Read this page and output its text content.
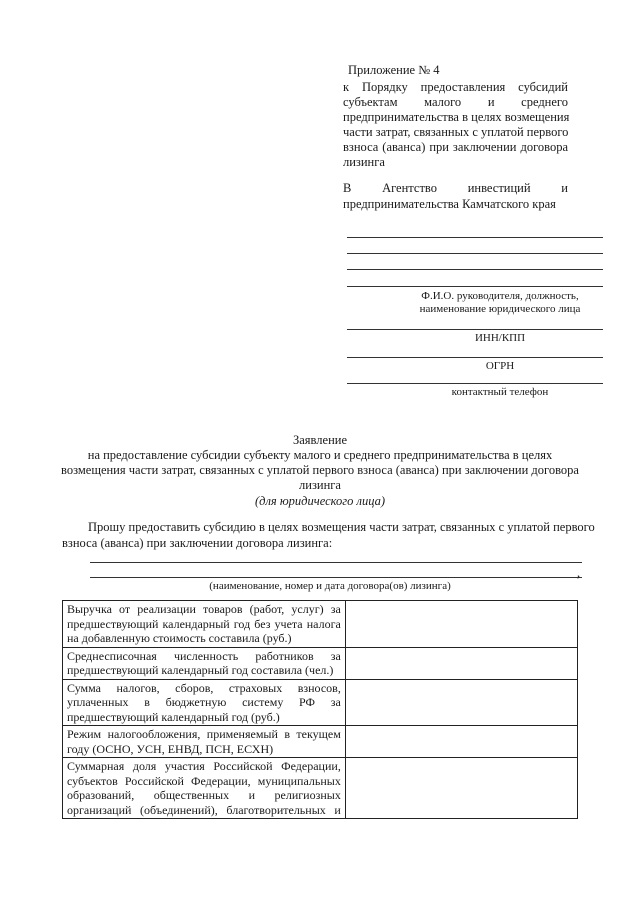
Приложение № 4
к Порядку предоставления субсидий
субъектам малого и среднего
предпринимательства в целях возмещения
части затрат, связанных с уплатой первого
взноса (аванса) при заключении договора
лизинга
В Агентство инвестиций и
предпринимательства Камчатского края
Ф.И.О. руководителя, должность,
наименование юридического лица
ИНН/КПП
ОГРН
контактный телефон
Заявление
на предоставление субсидии субъекту малого и среднего предпринимательства в целях
возмещения части затрат, связанных с уплатой первого взноса (аванса) при заключении договора
лизинга
(для юридического лица)
Прошу предоставить субсидию в целях возмещения части затрат, связанных с уплатой первого
взноса (аванса) при заключении договора лизинга:
,
(наименование, номер и дата договора(ов) лизинга)
Выручка от реализации товаров (работ, услуг) за
предшествующий календарный год без учета налога
на добавленную стоимость составила (руб.)	

Среднесписочная численность работников за
предшествующий календарный год составила (чел.)	

Сумма налогов, сборов, страховых взносов,
уплаченных в бюджетную систему РФ за
предшествующий календарный год (руб.)	

Режим налогообложения, применяемый в текущем
году (ОСНО, УСН, ЕНВД, ПСН, ЕСХН)	

Суммарная доля участия Российской Федерации,
субъектов Российской Федерации, муниципальных
образований, общественных и религиозных
организаций (объединений), благотворительных и	
